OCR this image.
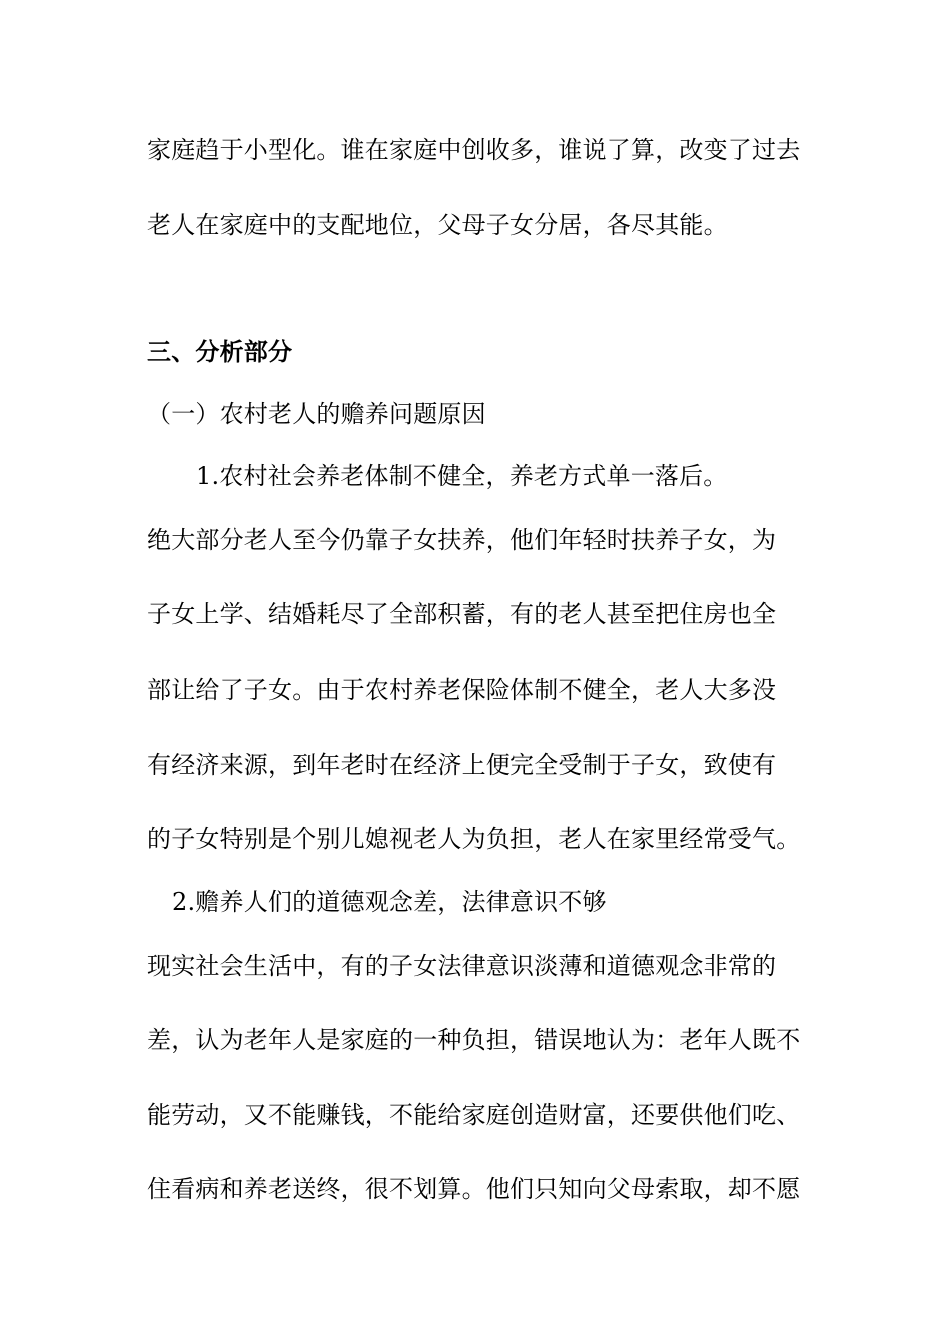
家庭趋于小型化。谁在家庭中创收多，谁说了算，改变了过去
老人在家庭中的支配地位，父母子女分居，各尽其能。
三、分析部分
（一）农村老人的赡养问题原因
1.农村社会养老体制不健全，养老方式单一落后。
绝大部分老人至今仍靠子女扶养，他们年轻时扶养子女，为
子女上学、结婚耗尽了全部积蓄，有的老人甚至把住房也全
部让给了子女。由于农村养老保险体制不健全，老人大多没
有经济来源，到年老时在经济上便完全受制于子女，致使有
的子女特别是个别儿媳视老人为负担，老人在家里经常受气。
2.赡养人们的道德观念差，法律意识不够
现实社会生活中，有的子女法律意识淡薄和道德观念非常的
差，认为老年人是家庭的一种负担，错误地认为：老年人既不
能劳动，又不能赚钱，不能给家庭创造财富，还要供他们吃、
住看病和养老送终，很不划算。他们只知向父母索取，却不愿
